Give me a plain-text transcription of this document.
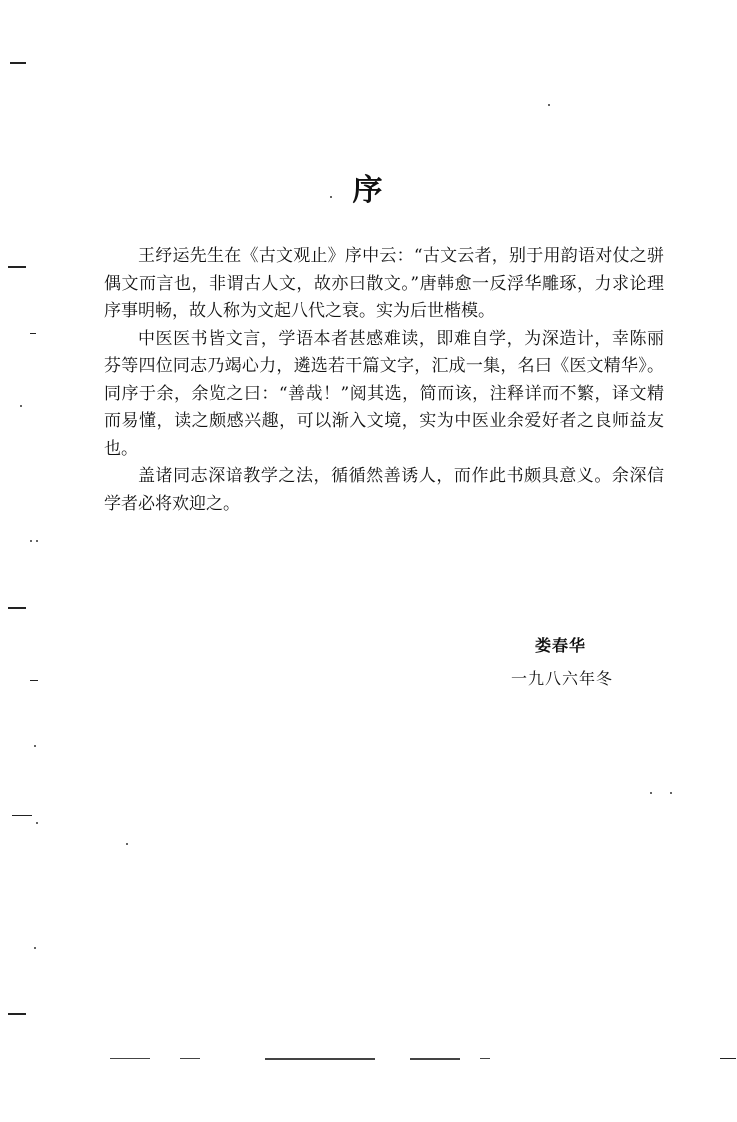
序

王纾运先生在《古文观止》序中云：“古文云者，别于用韵语对仗之骈偶文而言也，非谓古人文，故亦曰散文。”唐韩愈一反浮华雕琢，力求论理序事明畅，故人称为文起八代之衰。实为后世楷模。

中医医书皆文言，学语本者甚感难读，即难自学，为深造计，幸陈丽芬等四位同志乃竭心力，遴选若干篇文字，汇成一集，名曰《医文精华》。同序于余，余览之曰：“善哉！”阅其选，简而该，注释详而不繁，译文精而易懂，读之颇感兴趣，可以渐入文境，实为中医业余爱好者之良师益友也。

盖诸同志深谙教学之法，循循然善诱人，而作此书颇具意义。余深信学者必将欢迎之。

娄春华
一九八六年冬
